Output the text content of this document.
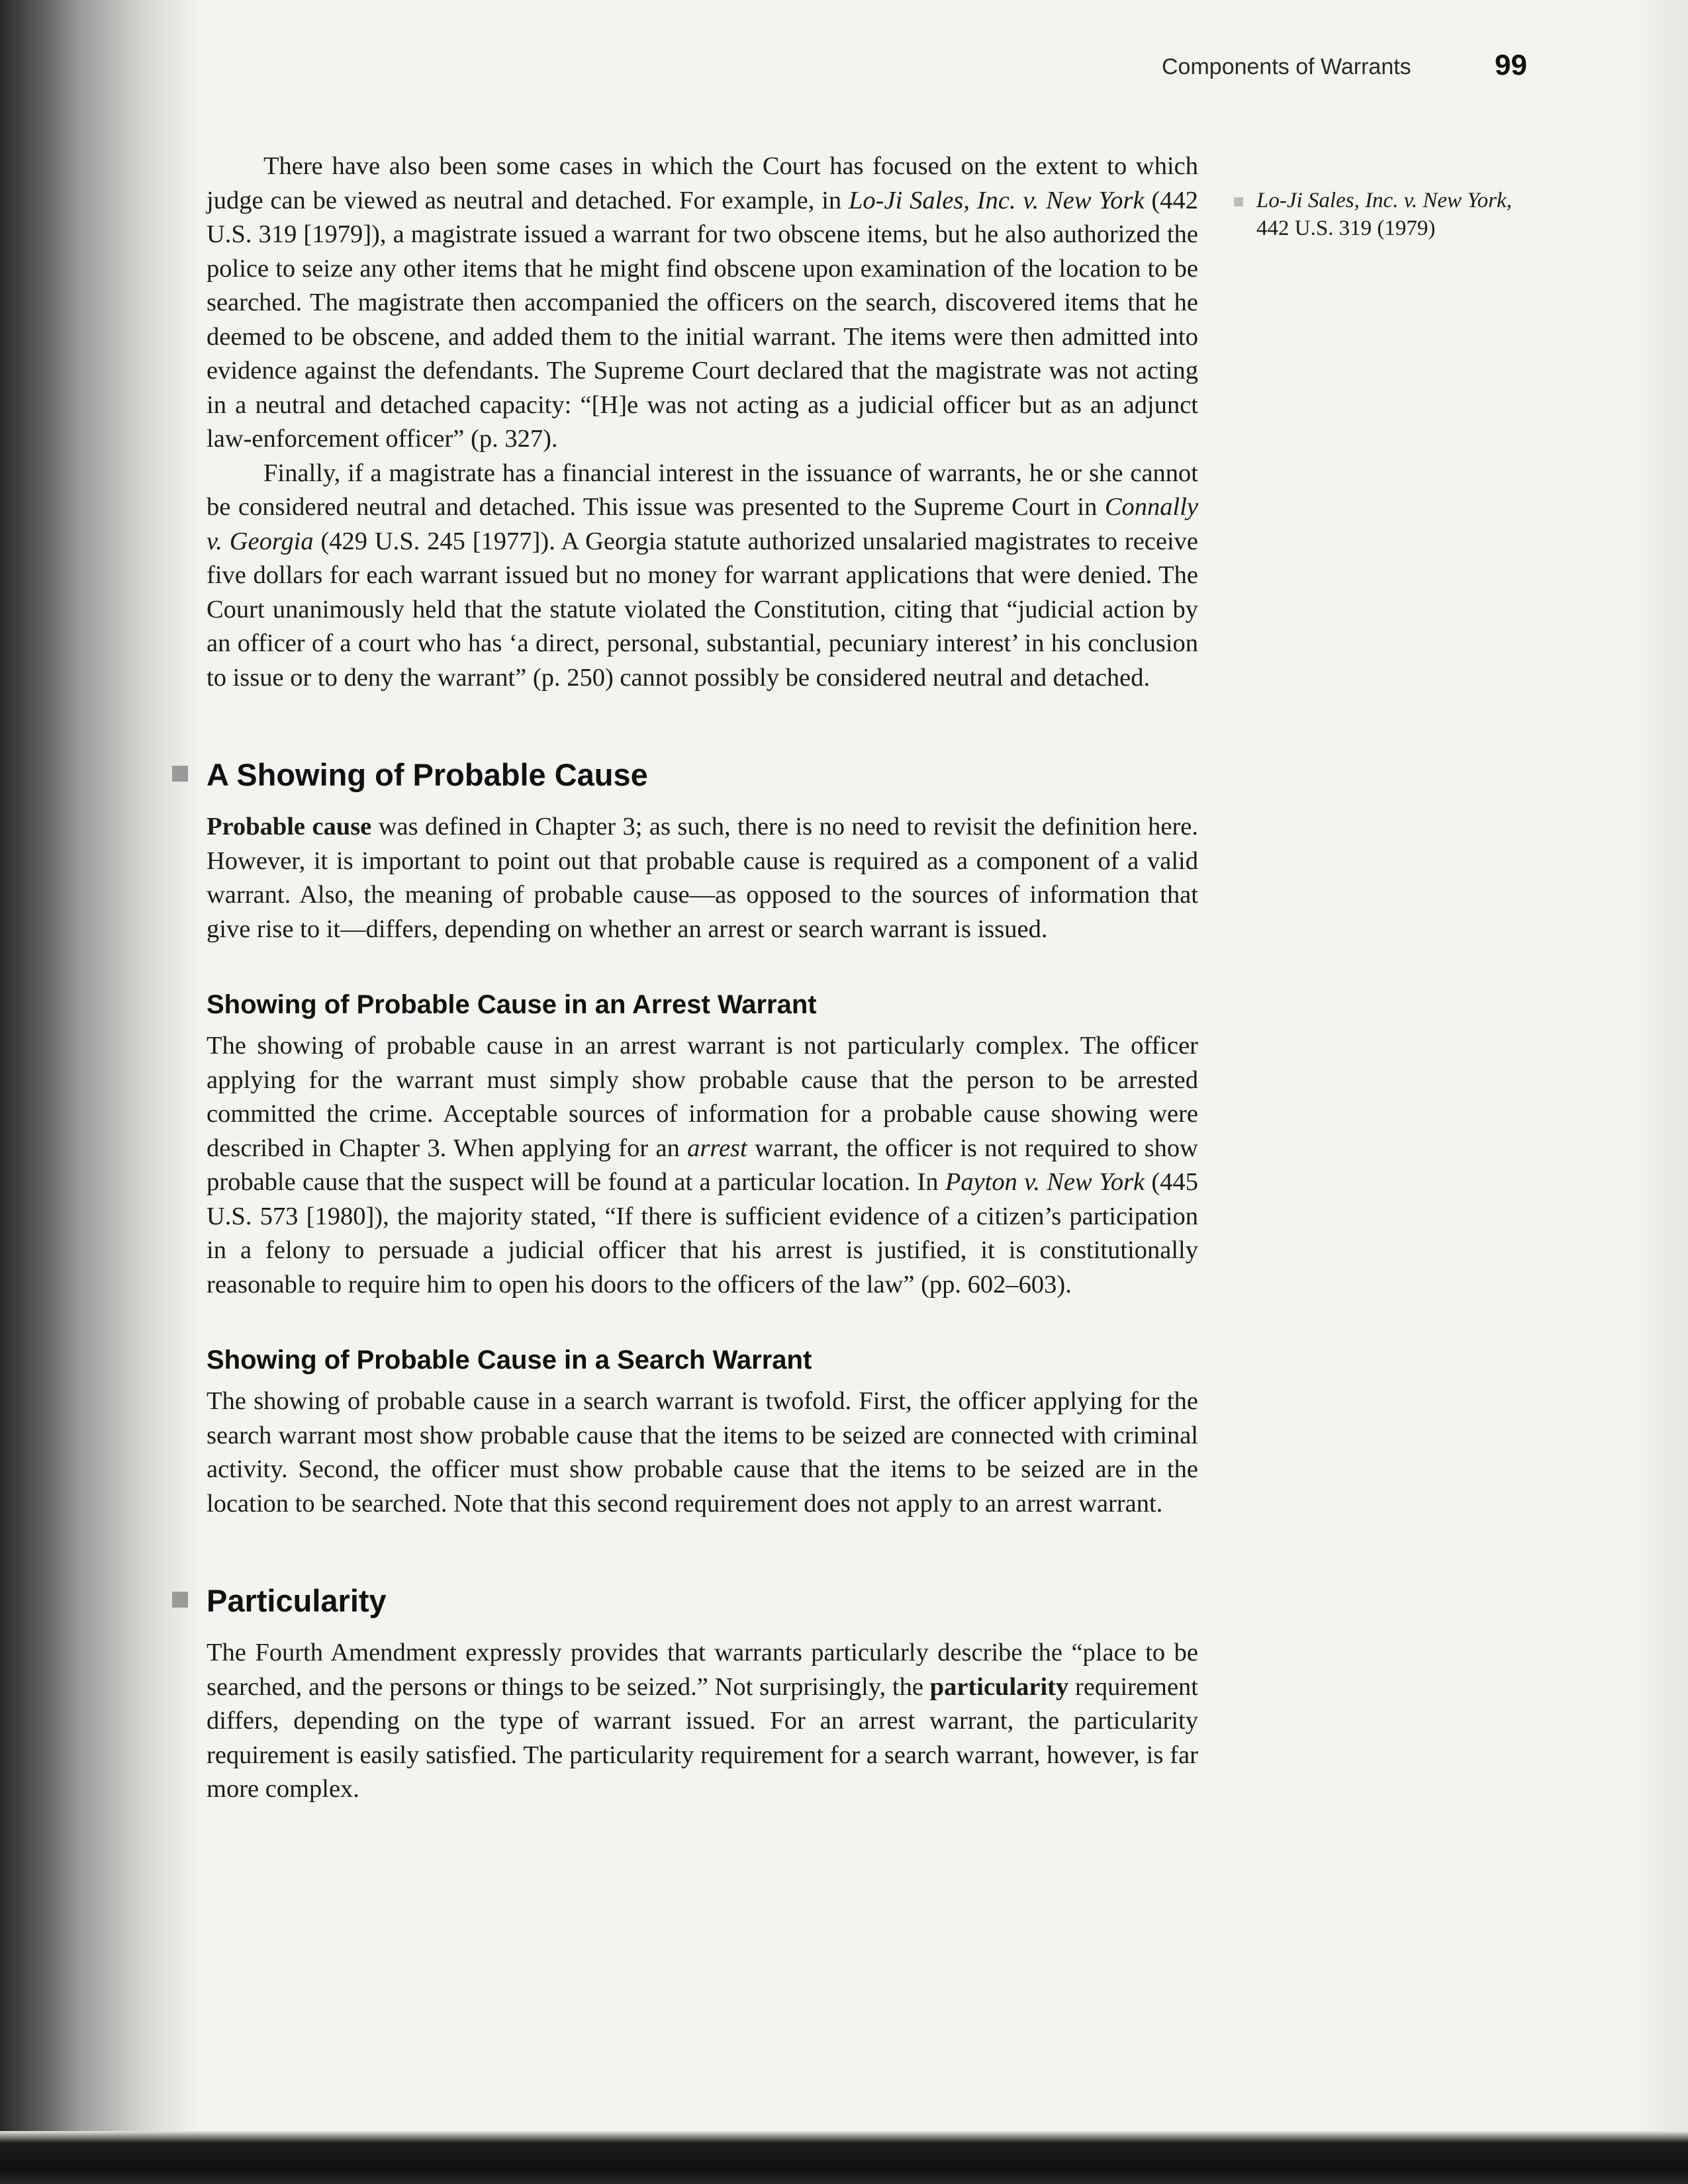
Components of Warrants	99
Lo-Ji Sales, Inc. v. New York,
442 U.S. 319 (1979)

There have also been some cases in which the Court has focused on the extent to which judge can be viewed as neutral and detached. For example, in Lo-Ji Sales, Inc. v. New York (442 U.S. 319 [1979]), a magistrate issued a warrant for two obscene items, but he also authorized the police to seize any other items that he might find obscene upon examination of the location to be searched. The magistrate then accompanied the officers on the search, discovered items that he deemed to be obscene, and added them to the initial warrant. The items were then admitted into evidence against the defendants. The Supreme Court declared that the magistrate was not acting in a neutral and detached capacity: “[H]e was not acting as a judicial officer but as an adjunct law-enforcement officer” (p. 327).

Finally, if a magistrate has a financial interest in the issuance of warrants, he or she cannot be considered neutral and detached. This issue was presented to the Supreme Court in Connally v. Georgia (429 U.S. 245 [1977]). A Georgia statute authorized unsalaried magistrates to receive five dollars for each warrant issued but no money for warrant applications that were denied. The Court unanimously held that the statute violated the Constitution, citing that “judicial action by an officer of a court who has ‘a direct, personal, substantial, pecuniary interest’ in his conclusion to issue or to deny the warrant” (p. 250) cannot possibly be considered neutral and detached.

A Showing of Probable Cause

Probable cause was defined in Chapter 3; as such, there is no need to revisit the definition here. However, it is important to point out that probable cause is required as a component of a valid warrant. Also, the meaning of probable cause—as opposed to the sources of information that give rise to it—differs, depending on whether an arrest or search warrant is issued.

Showing of Probable Cause in an Arrest Warrant

The showing of probable cause in an arrest warrant is not particularly complex. The officer applying for the warrant must simply show probable cause that the person to be arrested committed the crime. Acceptable sources of information for a probable cause showing were described in Chapter 3. When applying for an arrest warrant, the officer is not required to show probable cause that the suspect will be found at a particular location. In Payton v. New York (445 U.S. 573 [1980]), the majority stated, “If there is sufficient evidence of a citizen’s participation in a felony to persuade a judicial officer that his arrest is justified, it is constitutionally reasonable to require him to open his doors to the officers of the law” (pp. 602–603).

Showing of Probable Cause in a Search Warrant

The showing of probable cause in a search warrant is twofold. First, the officer applying for the search warrant most show probable cause that the items to be seized are connected with criminal activity. Second, the officer must show probable cause that the items to be seized are in the location to be searched. Note that this second requirement does not apply to an arrest warrant.

Particularity

The Fourth Amendment expressly provides that warrants particularly describe the “place to be searched, and the persons or things to be seized.” Not surprisingly, the particularity requirement differs, depending on the type of warrant issued. For an arrest warrant, the particularity requirement is easily satisfied. The particularity requirement for a search warrant, however, is far more complex.
